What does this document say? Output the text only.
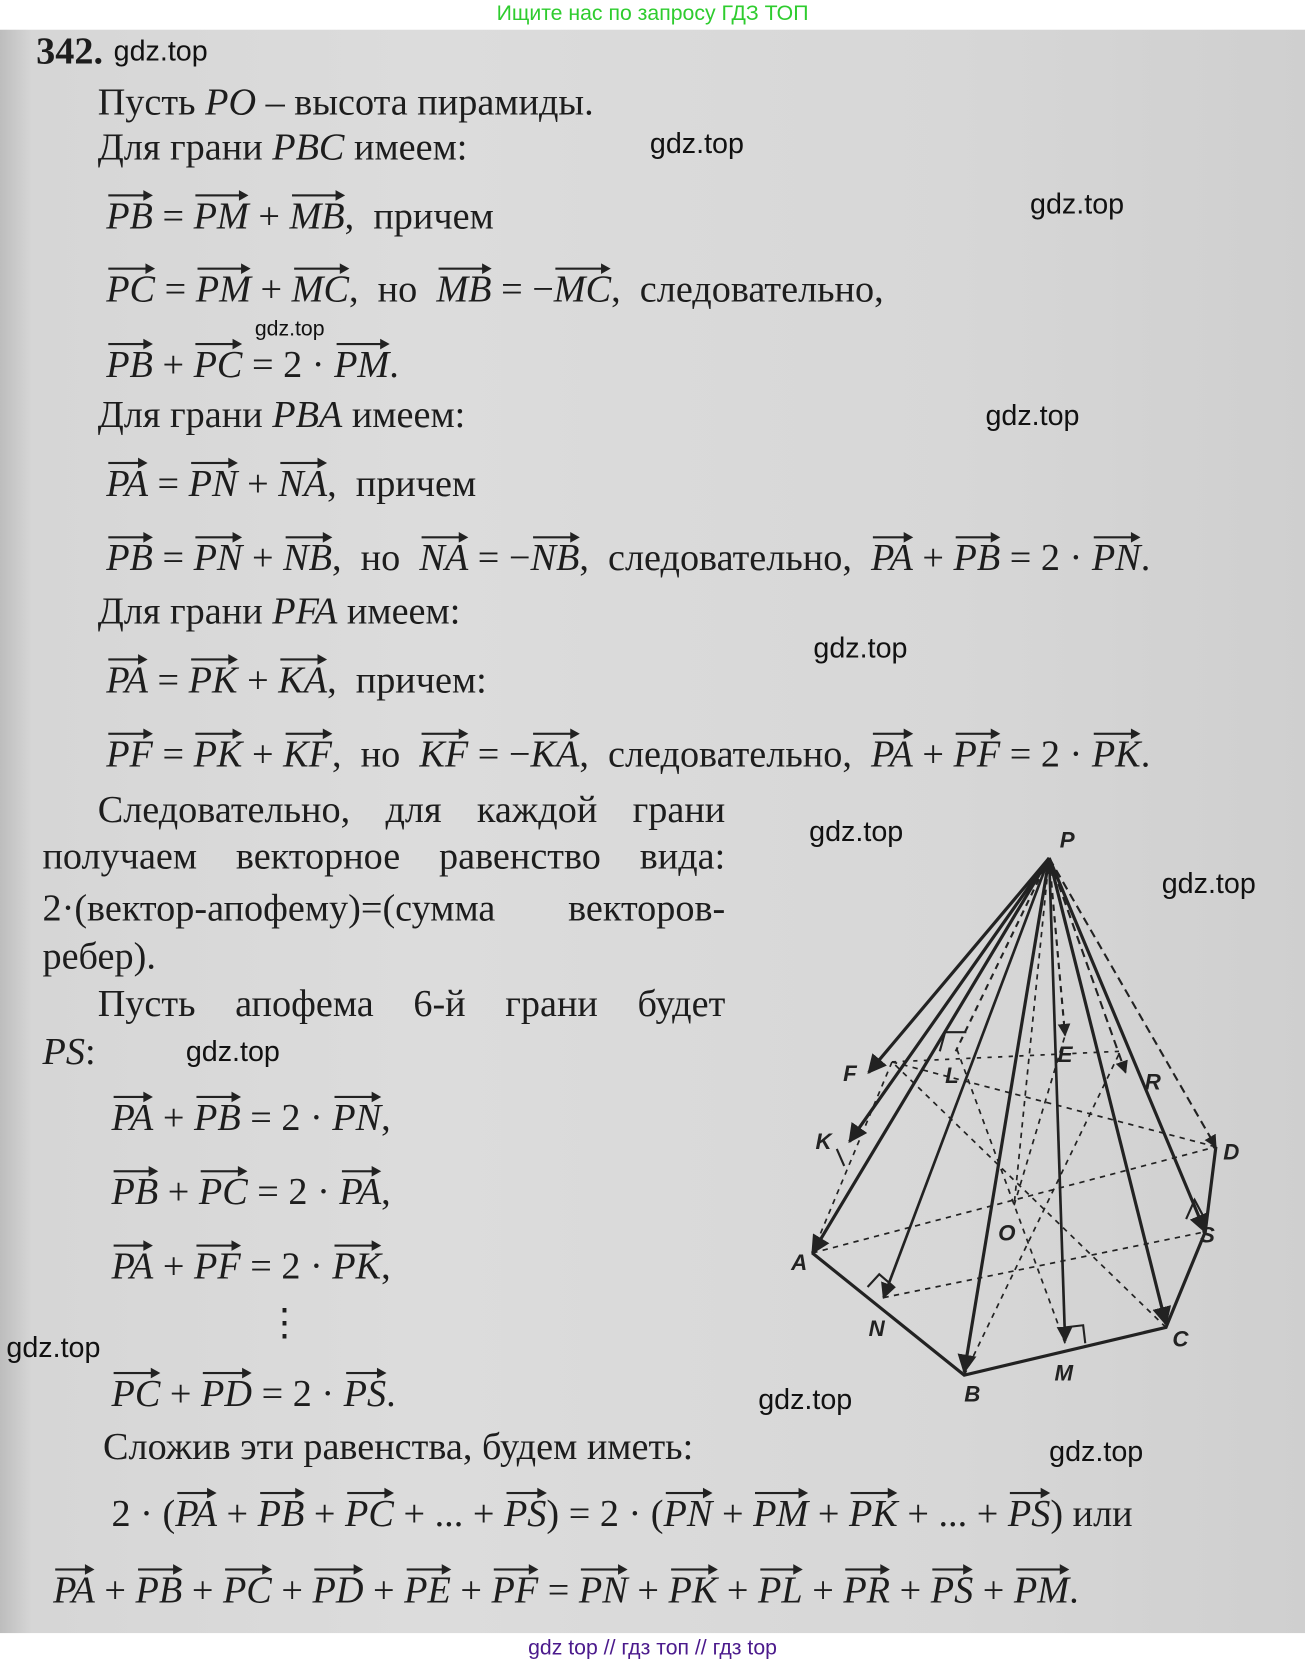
Ищите нас по запросу ГДЗ ТОП
342.
Пусть PO – высота пирамиды.
Для грани PBC имеем:
PB = PM + MB,  причем
PC = PM + MC,  но  MB = −MC,  следовательно,
PB + PC = 2 · PM.
Для грани PBA имеем:
PA = PN + NA,  причем
PB = PN + NB,  но  NA = −NB,  следовательно,  PA + PB = 2 · PN.
Для грани PFA имеем:
PA = PK + KA,  причем:
PF = PK + KF,  но  KF = −KA,  следовательно,  PA + PF = 2 · PK.
Следовательно, для каждой грани
получаем векторное равенство вида:
2·(вектор-апофему)=(сумма векторов-
ребер).
Пусть апофема 6-й грани будет
PS:
PA + PB = 2 · PN,
PB + PC = 2 · PA,
PA + PF = 2 · PK,
⋮
PC + PD = 2 · PS.
Сложив эти равенства, будем иметь:
2 · (PA + PB + PC + ... + PS) = 2 · (PN + PM + PK + ... + PS) или
PA + PB + PC + PD + PE + PF = PN + PK + PL + PR + PS + PM.
P
F
K
A
N
B
M
C
S
D
R
E
L
O
gdz.top
gdz.top
gdz.top
gdz.top
gdz.top
gdz.top
gdz.top
gdz.top
gdz.top
gdz.top
gdz.top
gdz.top
gdz top // гдз топ // гдз top
